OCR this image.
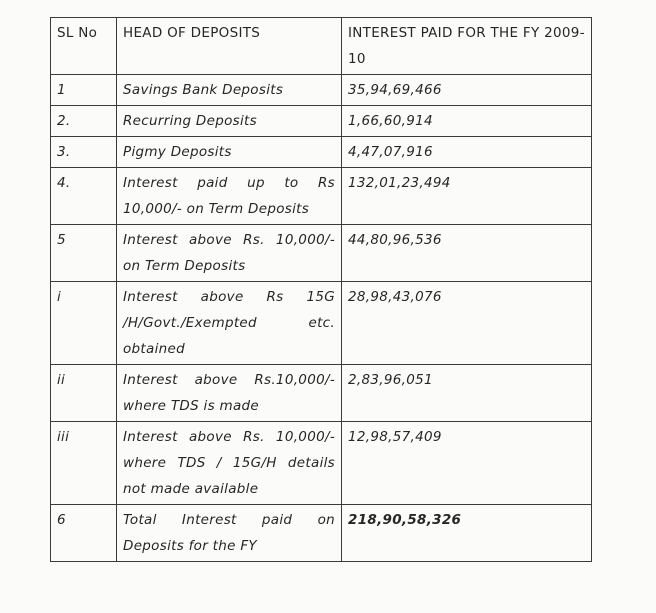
SL No	HEAD OF DEPOSITS	INTEREST PAID FOR THE FY 2009-10
1	Savings Bank Deposits	35,94,69,466
2.	Recurring Deposits	1,66,60,914
3.	Pigmy Deposits	4,47,07,916
4.	Interest paid up to Rs 10,000/- on Term Deposits	132,01,23,494
5	Interest above Rs. 10,000/- on Term Deposits	44,80,96,536
i	Interest above Rs 15G /H/Govt./Exempted etc. obtained	28,98,43,076
ii	Interest above Rs.10,000/- where TDS is made	2,83,96,051
iii	Interest above Rs. 10,000/- where TDS / 15G/H details not made available	12,98,57,409
6	Total Interest paid on Deposits for the FY	218,90,58,326
